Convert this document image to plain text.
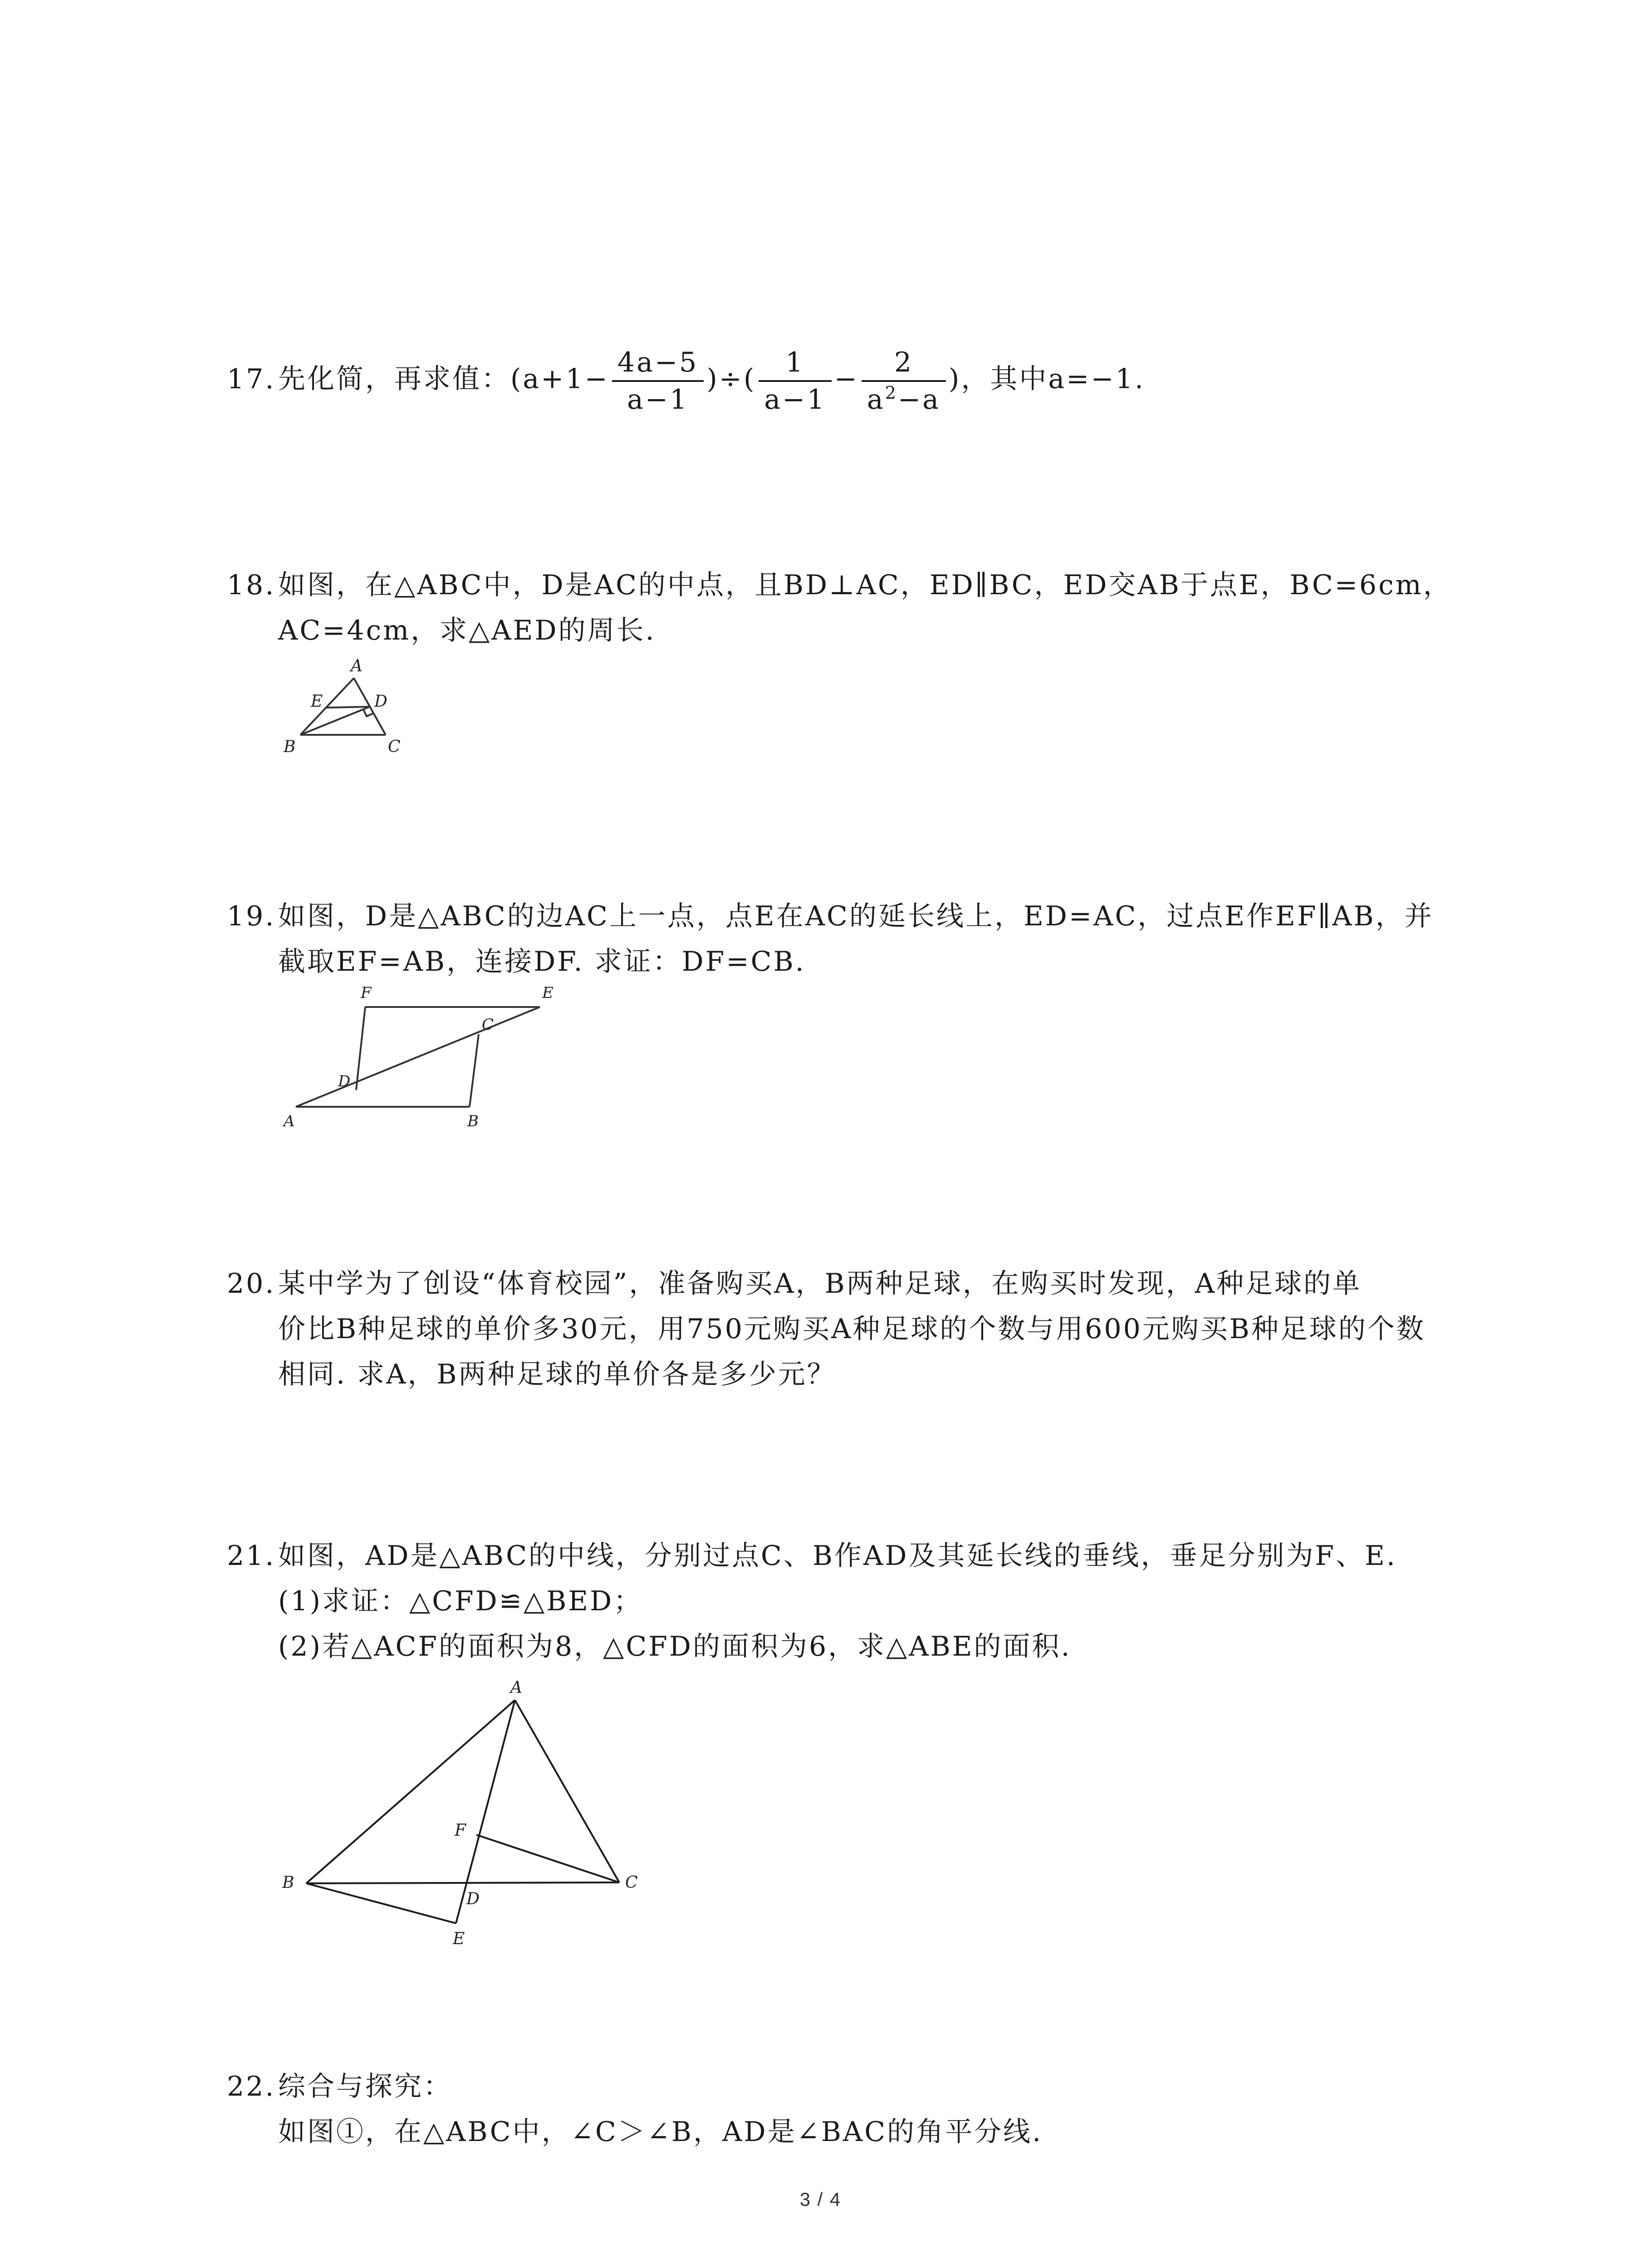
17.先化简，再求值：($a+1- \frac{4a-5}{a-1}$ )÷( $\frac{1}{a-1} - \frac{2}{a^2-a}$ )，其中a=−1.
18.如图，在△ABC中，D是AC的中点，且BD⊥AC，ED∥BC，ED交AB于点E，BC=6cm，
AC=4cm，求△AED的周长.
A
E	D
B	C
19.如图，D是△ABC的边AC上一点，点E在AC的延长线上，ED=AC，过点E作EF∥AB，并
截取EF=AB，连接DF. 求证：DF=CB.
F	E
C
D
A	B
20.某中学为了创设“体育校园”，准备购买A，B两种足球，在购买时发现，A种足球的单
价比B种足球的单价多30元，用750元购买A种足球的个数与用600元购买B种足球的个数
相同. 求A，B两种足球的单价各是多少元？
21.如图，AD是△ABC的中线，分别过点C、B作AD及其延长线的垂线，垂足分别为F、E.
(1)求证：△CFD≌△BED；
(2)若△ACF的面积为8，△CFD的面积为6，求△ABE的面积.
A
F
B	C
D
E
22.综合与探究：
如图①，在△ABC中，∠C＞∠B，AD是∠BAC的角平分线.
3 / 4
